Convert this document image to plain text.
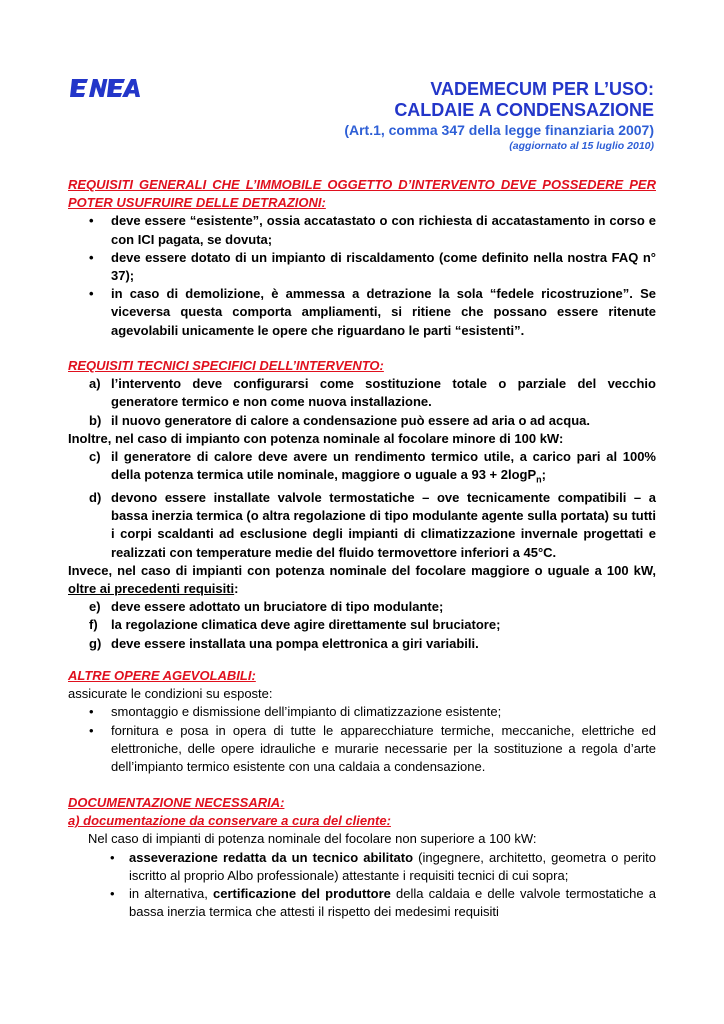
VADEMECUM PER L’USO:
CALDAIE A CONDENSAZIONE
(Art.1, comma 347 della legge finanziaria 2007)
(aggiornato al 15 luglio 2010)
REQUISITI GENERALI CHE L’IMMOBILE OGGETTO D’INTERVENTO DEVE POSSEDERE PER POTER USUFRUIRE DELLE DETRAZIONI:
• deve essere “esistente”, ossia accatastato o con richiesta di accatastamento in corso e con ICI pagata, se dovuta;
• deve essere dotato di un impianto di riscaldamento (come definito nella nostra FAQ n° 37);
• in caso di demolizione, è ammessa a detrazione la sola “fedele ricostruzione”. Se viceversa questa comporta ampliamenti, si ritiene che possano essere ritenute agevolabili unicamente le opere che riguardano le parti “esistenti”.
REQUISITI TECNICI SPECIFICI DELL’INTERVENTO:
a) l’intervento deve configurarsi come sostituzione totale o parziale del vecchio generatore termico e non come nuova installazione.
b) il nuovo generatore di calore a condensazione può essere ad aria o ad acqua.
Inoltre, nel caso di impianto con potenza nominale al focolare minore di 100 kW:
c) il generatore di calore deve avere un rendimento termico utile, a carico pari al 100% della potenza termica utile nominale, maggiore o uguale a 93 + 2logP$_n$;
d) devono essere installate valvole termostatiche – ove tecnicamente compatibili – a bassa inerzia termica (o altra regolazione di tipo modulante agente sulla portata) su tutti i corpi scaldanti ad esclusione degli impianti di climatizzazione invernale progettati e realizzati con temperature medie del fluido termovettore inferiori a 45°C.
Invece, nel caso di impianti con potenza nominale del focolare maggiore o uguale a 100 kW, oltre ai precedenti requisiti:
e) deve essere adottato un bruciatore di tipo modulante;
f) la regolazione climatica deve agire direttamente sul bruciatore;
g) deve essere installata una pompa elettronica a giri variabili.
ALTRE OPERE AGEVOLABILI:
assicurate le condizioni su esposte:
• smontaggio e dismissione dell’impianto di climatizzazione esistente;
• fornitura e posa in opera di tutte le apparecchiature termiche, meccaniche, elettriche ed elettroniche, delle opere idrauliche e murarie necessarie per la sostituzione a regola d’arte dell’impianto termico esistente con una caldaia a condensazione.
DOCUMENTAZIONE NECESSARIA:
a) documentazione da conservare a cura del cliente:
Nel caso di impianti di potenza nominale del focolare non superiore a 100 kW:
• asseverazione redatta da un tecnico abilitato (ingegnere, architetto, geometra o perito iscritto al proprio Albo professionale) attestante i requisiti tecnici di cui sopra;
• in alternativa, certificazione del produttore della caldaia e delle valvole termostatiche a bassa inerzia termica che attesti il rispetto dei medesimi requisiti
